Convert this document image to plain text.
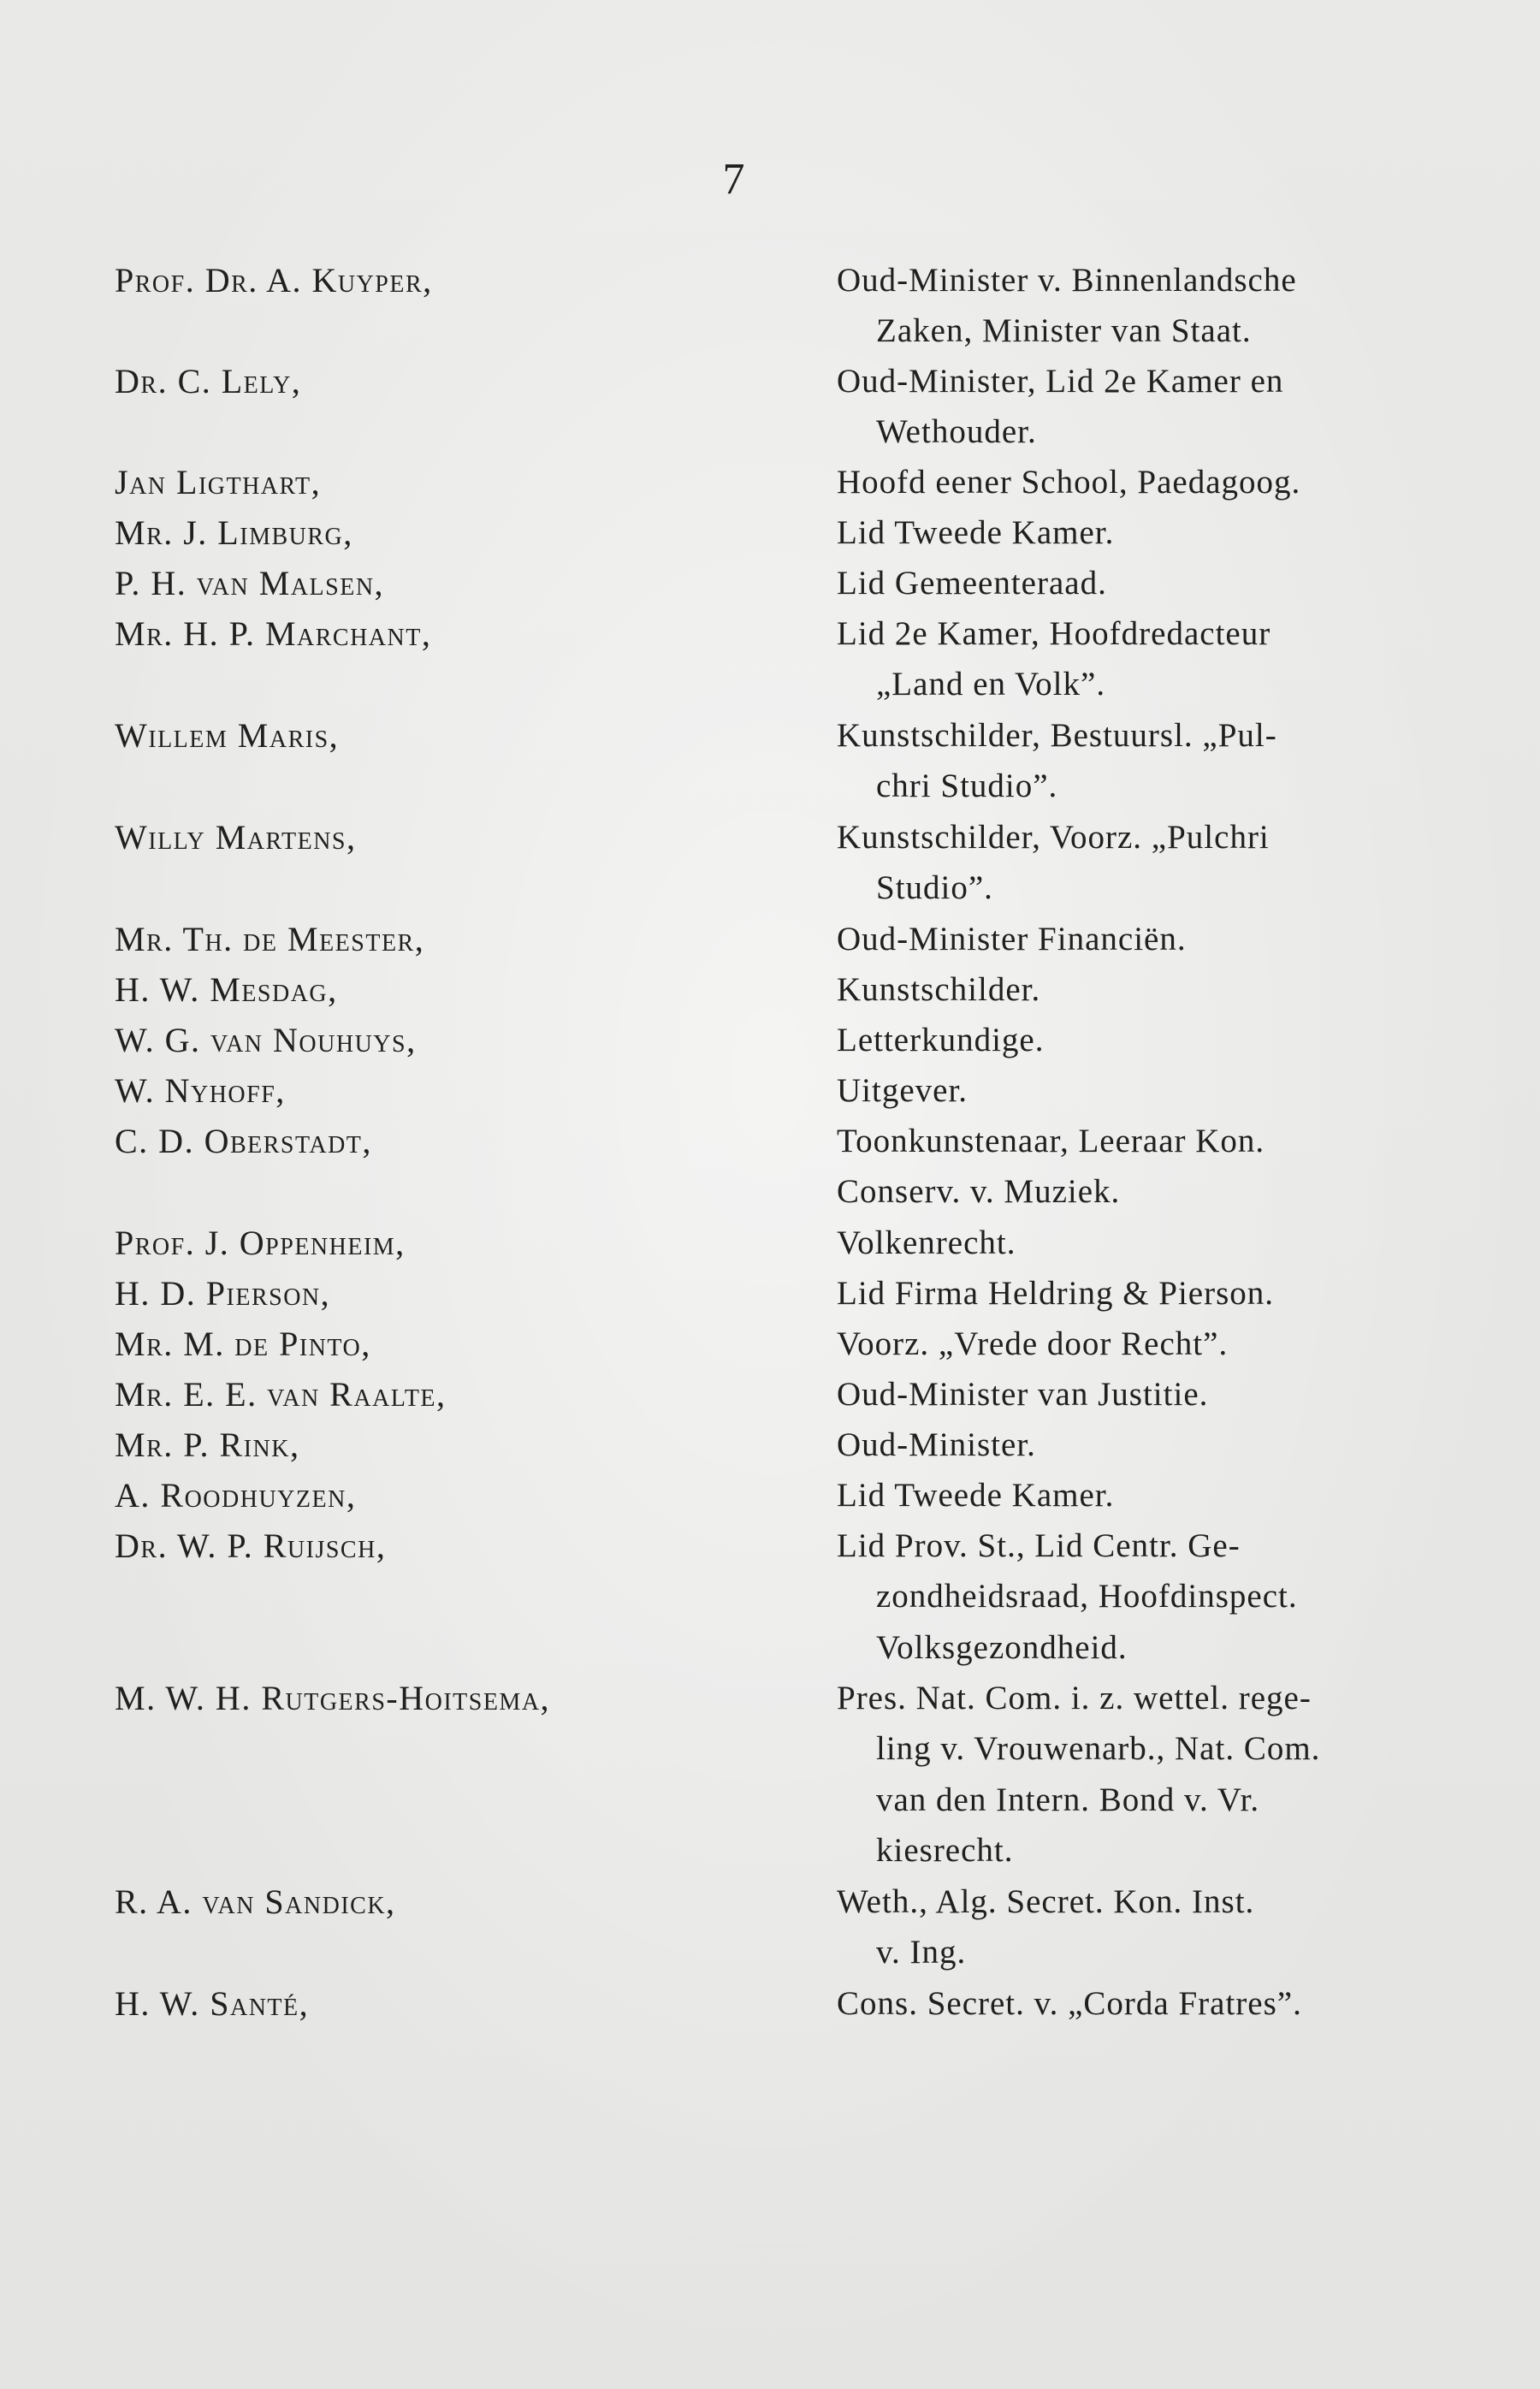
7
Prof. Dr. A. Kuyper,	Oud-Minister v. Binnenlandsche
Zaken, Minister van Staat.
Dr. C. Lely,	Oud-Minister, Lid 2e Kamer en
Wethouder.
Jan Ligthart,	Hoofd eener School, Paedagoog.
Mr. J. Limburg,	Lid Tweede Kamer.
P. H. van Malsen,	Lid Gemeenteraad.
Mr. H. P. Marchant,	Lid 2e Kamer, Hoofdredacteur
„Land en Volk”.
Willem Maris,	Kunstschilder, Bestuursl. „Pul-
chri Studio”.
Willy Martens,	Kunstschilder, Voorz. „Pulchri
Studio”.
Mr. Th. de Meester,	Oud-Minister Financiën.
H. W. Mesdag,	Kunstschilder.
W. G. van Nouhuys,	Letterkundige.
W. Nyhoff,	Uitgever.
C. D. Oberstadt,	Toonkunstenaar, Leeraar Kon.
Conserv. v. Muziek.
Prof. J. Oppenheim,	Volkenrecht.
H. D. Pierson,	Lid Firma Heldring & Pierson.
Mr. M. de Pinto,	Voorz. „Vrede door Recht”.
Mr. E. E. van Raalte,	Oud-Minister van Justitie.
Mr. P. Rink,	Oud-Minister.
A. Roodhuyzen,	Lid Tweede Kamer.
Dr. W. P. Ruijsch,	Lid Prov. St., Lid Centr. Ge-
zondheidsraad, Hoofdinspect.
Volksgezondheid.
M. W. H. Rutgers-Hoitsema,	Pres. Nat. Com. i. z. wettel. rege-
ling v. Vrouwenarb., Nat. Com.
van den Intern. Bond v. Vr.
kiesrecht.
R. A. van Sandick,	Weth., Alg. Secret. Kon. Inst.
v. Ing.
H. W. Santé,	Cons. Secret. v. „Corda Fratres”.
